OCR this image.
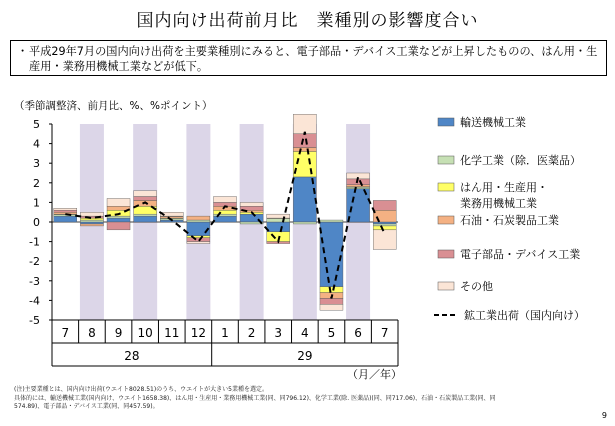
国内向け出荷前月比　業種別の影響度合い
・ 平成29年7月の国内向け出荷を主要業種別にみると、電子部品・デバイス工業などが上昇したものの、はん用・生産用・業務用機械工業などが低下。
（季節調整済、前月比、%、%ポイント）
5
4
3
2
1
0
-1
-2
-3
-4
-5
7 8 9 10 11 12 1 2 3 4 5 6 7
28	29
（月／年）
輸送機械工業
化学工業（除．医薬品）
はん用・生産用・
業務用機械工業
石油・石炭製品工業
電子部品・デバイス工業
その他
鉱工業出荷（国内向け）
(注)主要業種とは、国内向け出荷(ウエイト8028.51)のうち、ウエイトが大きい5業種を選定。
具体的には、輸送機械工業(国内向け、ウエイト1658.38)、はん用・生産用・業務用機械工業(同、同796.12)、化学工業(除. 医薬品)(同、同717.06)、石油・石炭製品工業(同、同
574.89)、電子部品・デバイス工業(同、同457.59)。
9
